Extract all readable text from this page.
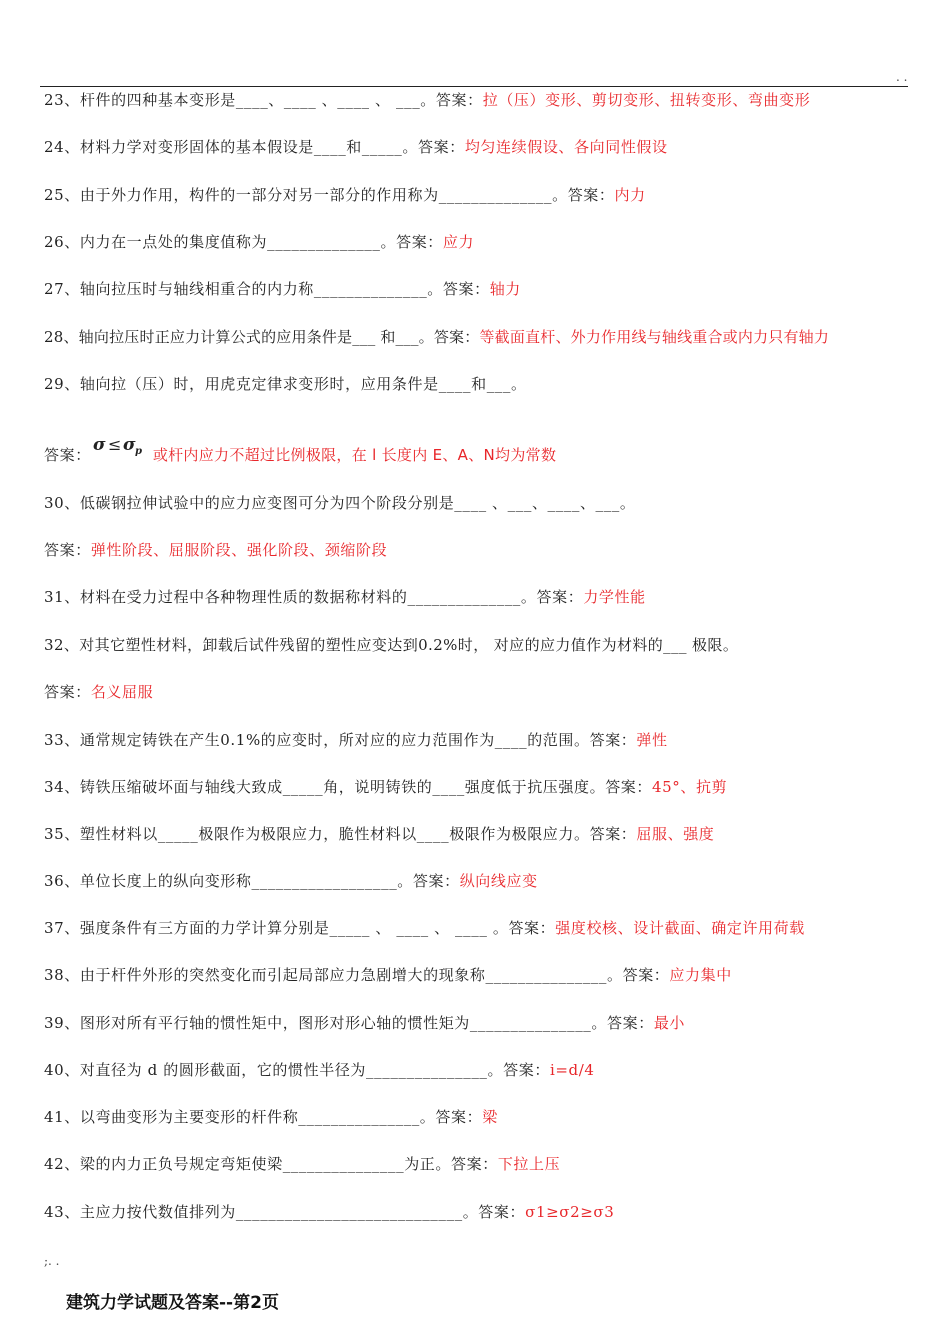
. .
23、杆件的四种基本变形是____、____ 、____ 、 ___。答案：拉（压）变形、剪切变形、扭转变形、弯曲变形
24、材料力学对变形固体的基本假设是____和_____。答案：均匀连续假设、各向同性假设
25、由于外力作用，构件的一部分对另一部分的作用称为______________。答案：内力
26、内力在一点处的集度值称为______________。答案：应力
27、轴向拉压时与轴线相重合的内力称______________。答案：轴力
28、轴向拉压时正应力计算公式的应用条件是___ 和___。答案：等截面直杆、外力作用线与轴线重合或内力只有轴力
29、轴向拉（压）时，用虎克定律求变形时，应用条件是____和___。
答案： σ ≤ σ
p 或杆内应力不超过比例极限，在 l 长度内 E、A、N均为常数
30、低碳钢拉伸试验中的应力应变图可分为四个阶段分别是____ 、___、____、___。
答案：弹性阶段、屈服阶段、强化阶段、颈缩阶段
31、材料在受力过程中各种物理性质的数据称材料的______________。答案：力学性能
32、对其它塑性材料，卸载后试件残留的塑性应变达到0.2%时， 对应的应力值作为材料的___ 极限。
答案：名义屈服
33、通常规定铸铁在产生0.1%的应变时，所对应的应力范围作为____的范围。答案：弹性
34、铸铁压缩破坏面与轴线大致成_____角，说明铸铁的____强度低于抗压强度。答案：45°、抗剪
35、塑性材料以_____极限作为极限应力，脆性材料以____极限作为极限应力。答案：屈服、强度
36、单位长度上的纵向变形称__________________。答案：纵向线应变
37、强度条件有三方面的力学计算分别是_____ 、 ____ 、 ____ 。答案：强度校核、设计截面、确定许用荷载
38、由于杆件外形的突然变化而引起局部应力急剧增大的现象称_______________。答案：应力集中
39、图形对所有平行轴的惯性矩中，图形对形心轴的惯性矩为_______________。答案：最小
40、对直径为 d 的圆形截面，它的惯性半径为_______________。答案：i=d/4
41、以弯曲变形为主要变形的杆件称_______________。答案：梁
42、梁的内力正负号规定弯矩使梁_______________为正。答案：下拉上压
43、主应力按代数值排列为____________________________。答案：σ1≥σ2≥σ3
;. .
建筑力学试题及答案--第2页
